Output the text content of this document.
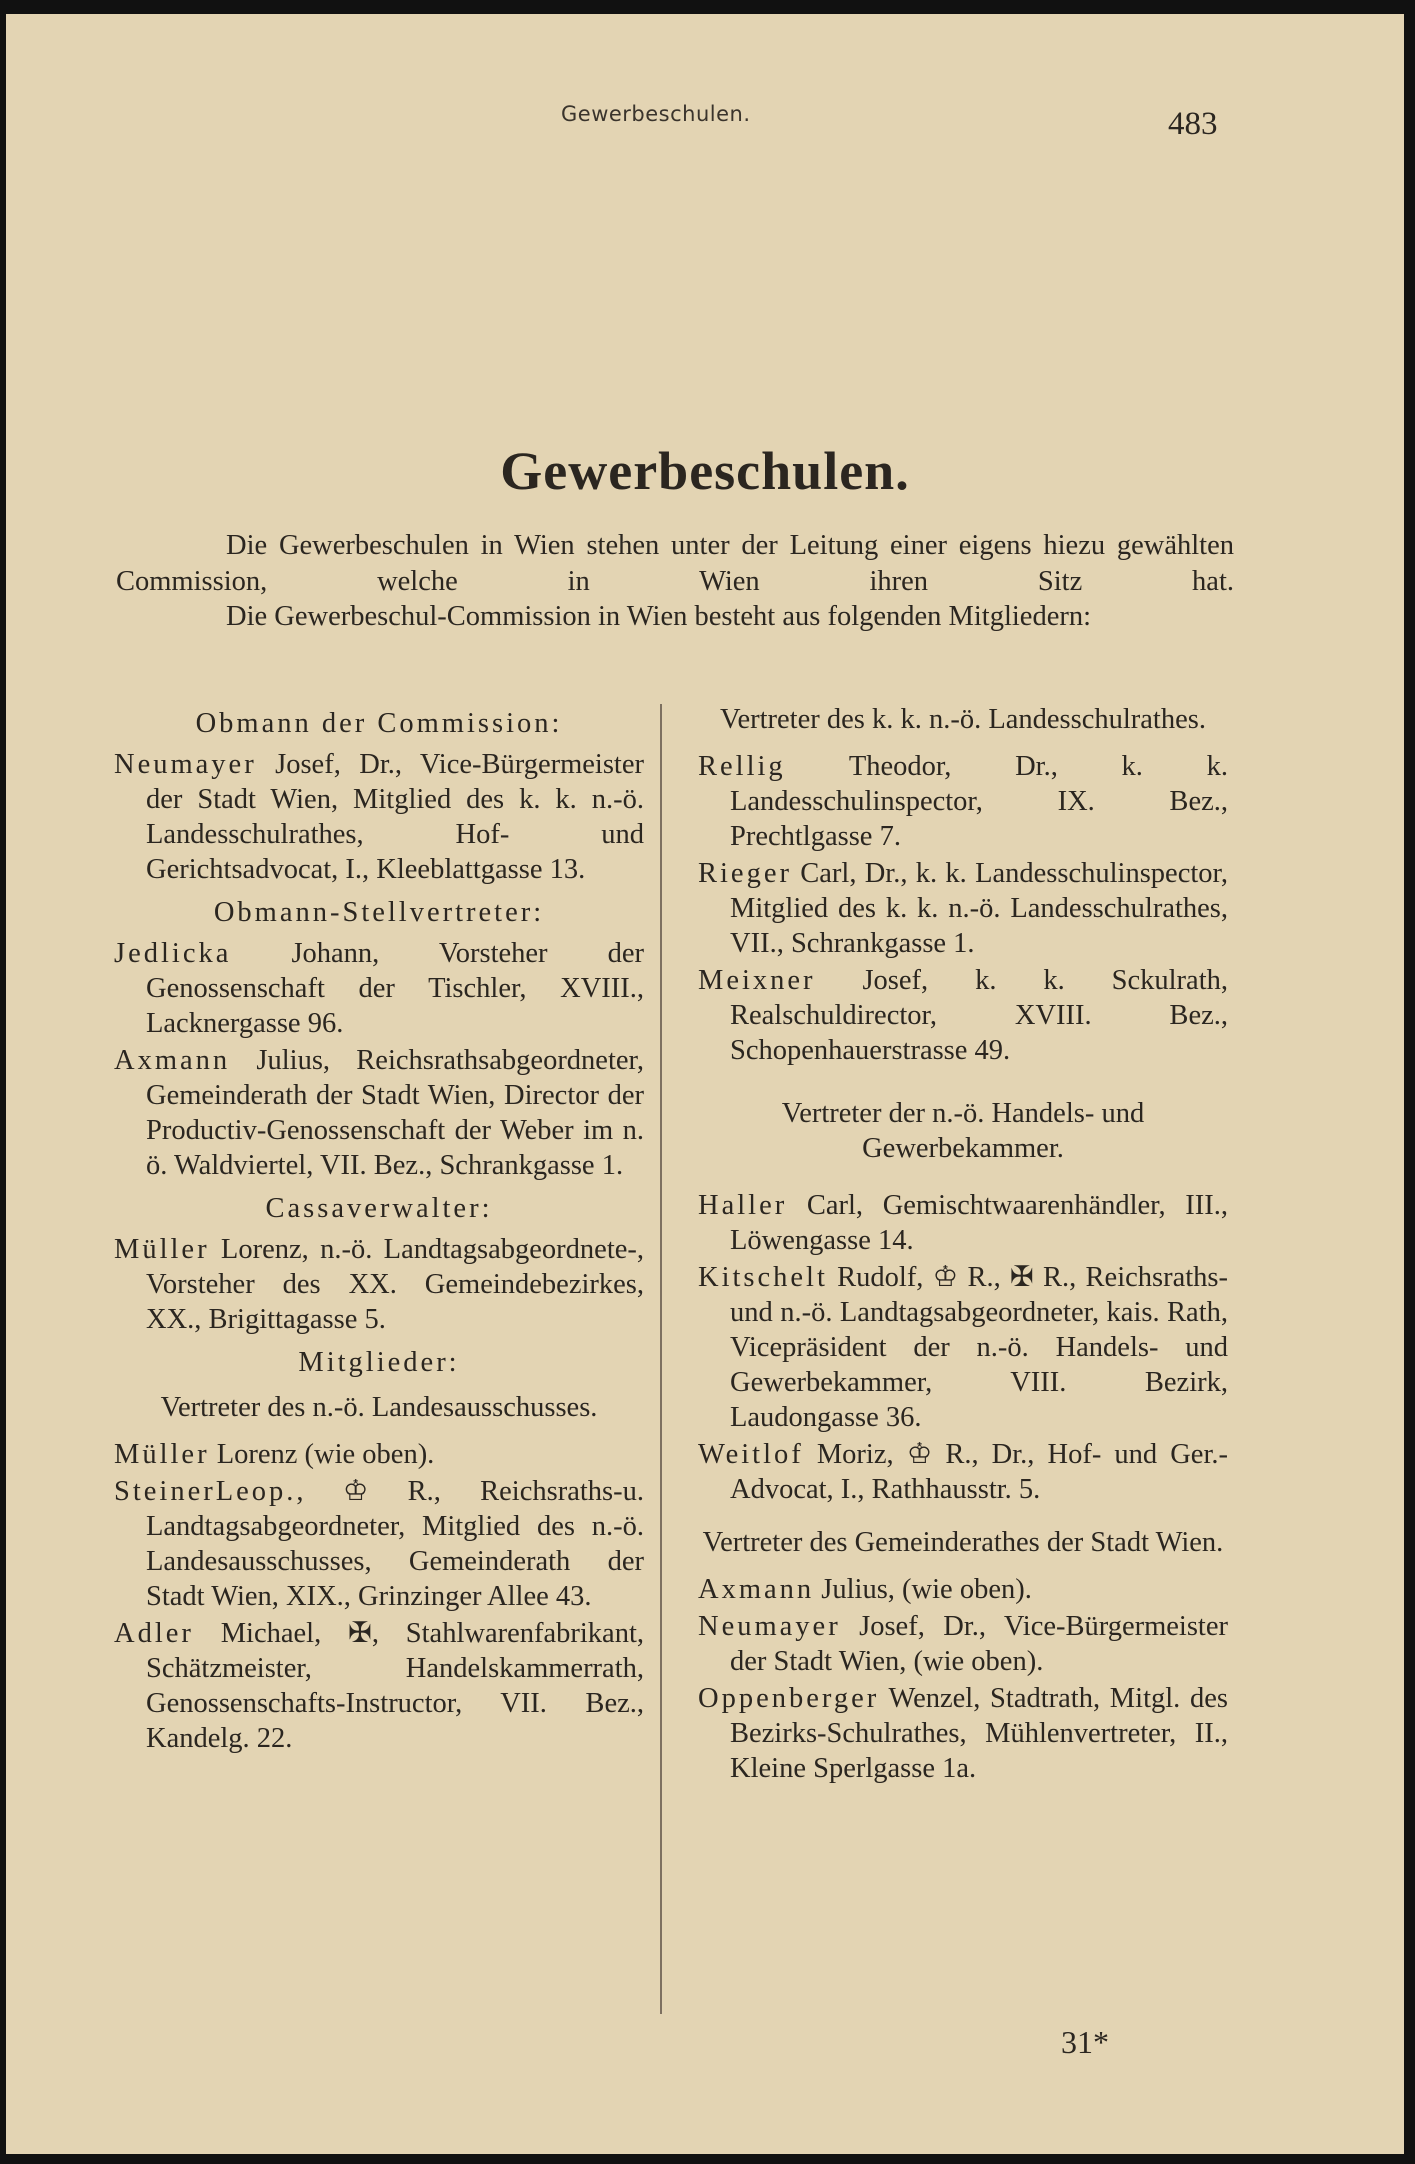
Gewerbeschulen.	483
Gewerbeschulen.

Die Gewerbeschulen in Wien stehen unter der Leitung einer eigens hiezu gewählten Commission, welche in Wien ihren Sitz hat.

Die Gewerbeschul-Commission in Wien besteht aus folgenden Mitgliedern:

Obmann der Commission:

Neumayer Josef, Dr., Vice-Bürgermeister der Stadt Wien, Mitglied des k. k. n.-ö. Landesschulrathes, Hof- und Gerichtsadvocat, I., Kleeblattgasse 13.

Obmann-Stellvertreter:

Jedlicka Johann, Vorsteher der Genossenschaft der Tischler, XVIII., Lacknergasse 96.

Axmann Julius, Reichsrathsabgeordneter, Gemeinderath der Stadt Wien, Director der Productiv-Genossenschaft der Weber im n. ö. Waldviertel, VII. Bez., Schrankgasse 1.

Cassaverwalter:

Müller Lorenz, n.-ö. Landtagsabgeordnete-, Vorsteher des XX. Gemeindebezirkes, XX., Brigittagasse 5.

Mitglieder:
Vertreter des n.-ö. Landesausschusses.

Müller Lorenz (wie oben).

SteinerLeop., ♔ R., Reichsraths-u. Landtagsabgeordneter, Mitglied des n.-ö. Landesausschusses, Gemeinderath der Stadt Wien, XIX., Grinzinger Allee 43.

Adler Michael, ✠, Stahlwarenfabrikant, Schätzmeister, Handelskammerrath, Genossenschafts-Instructor, VII. Bez., Kandelg. 22.

Vertreter des k. k. n.-ö. Landesschulrathes.

Rellig Theodor, Dr., k. k. Landesschulinspector, IX. Bez., Prechtlgasse 7.

Rieger Carl, Dr., k. k. Landesschulinspector, Mitglied des k. k. n.-ö. Landesschulrathes, VII., Schrankgasse 1.

Meixner Josef, k. k. Sckulrath, Realschuldirector, XVIII. Bez., Schopenhauerstrasse 49.

Vertreter der n.-ö. Handels- und Gewerbekammer.

Haller Carl, Gemischtwaarenhändler, III., Löwengasse 14.

Kitschelt Rudolf, ♔ R., ✠ R., Reichsraths- und n.-ö. Landtagsabgeordneter, kais. Rath, Vicepräsident der n.-ö. Handels- und Gewerbekammer, VIII. Bezirk, Laudongasse 36.

Weitlof Moriz, ♔ R., Dr., Hof- und Ger.-Advocat, I., Rathhausstr. 5.

Vertreter des Gemeinderathes der Stadt Wien.

Axmann Julius, (wie oben).

Neumayer Josef, Dr., Vice-Bürgermeister der Stadt Wien, (wie oben).

Oppenberger Wenzel, Stadtrath, Mitgl. des Bezirks-Schulrathes, Mühlenvertreter, II., Kleine Sperlgasse 1a.

31*
